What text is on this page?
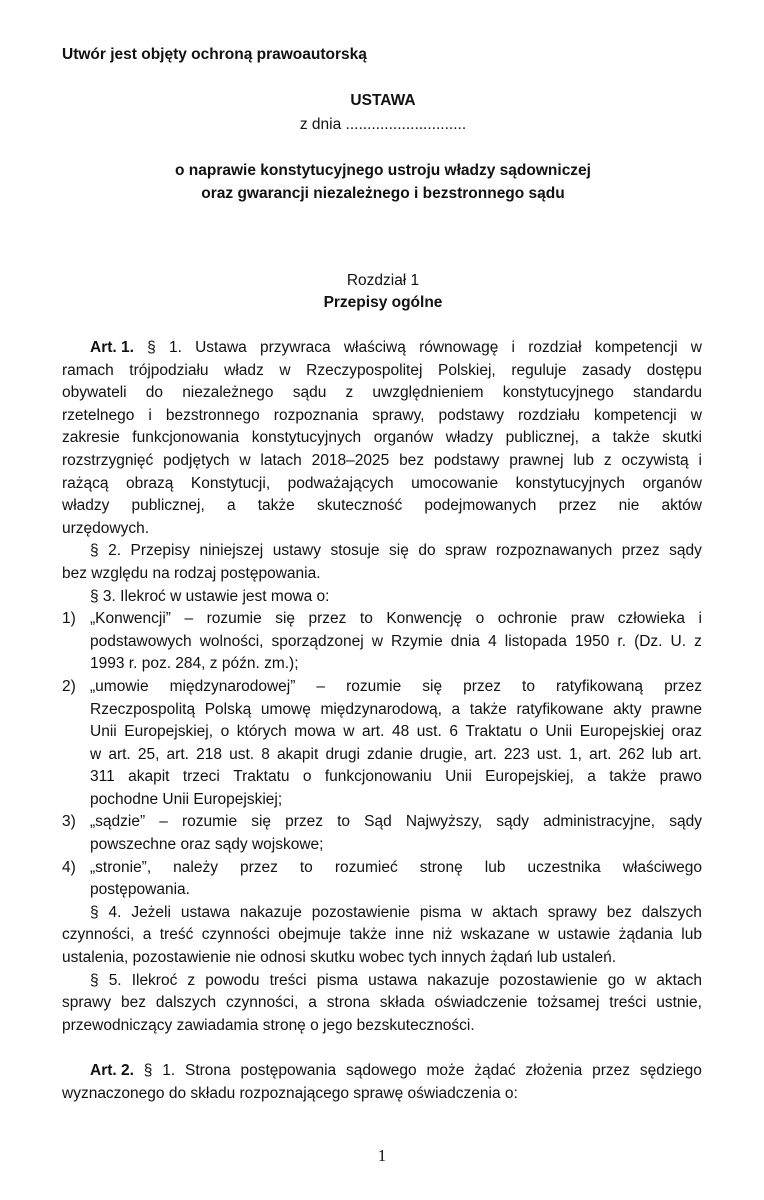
Utwór jest objęty ochroną prawoautorską
USTAWA
z dnia ............................
o naprawie konstytucyjnego ustroju władzy sądowniczej
oraz gwarancji niezależnego i bezstronnego sądu
Rozdział 1
Przepisy ogólne
Art. 1. § 1. Ustawa przywraca właściwą równowagę i rozdział kompetencji w
ramach trójpodziału władz w Rzeczypospolitej Polskiej, reguluje zasady dostępu
obywateli do niezależnego sądu z uwzględnieniem konstytucyjnego standardu
rzetelnego i bezstronnego rozpoznania sprawy, podstawy rozdziału kompetencji w
zakresie funkcjonowania konstytucyjnych organów władzy publicznej, a także skutki
rozstrzygnięć podjętych w latach 2018–2025 bez podstawy prawnej lub z oczywistą i
rażącą obrazą Konstytucji, podważających umocowanie konstytucyjnych organów
władzy publicznej, a także skuteczność podejmowanych przez nie aktów
urzędowych.
§ 2. Przepisy niniejszej ustawy stosuje się do spraw rozpoznawanych przez sądy
bez względu na rodzaj postępowania.
§ 3. Ilekroć w ustawie jest mowa o:
1) „Konwencji” – rozumie się przez to Konwencję o ochronie praw człowieka i
podstawowych wolności, sporządzonej w Rzymie dnia 4 listopada 1950 r. (Dz. U. z
1993 r. poz. 284, z późn. zm.);
2) „umowie międzynarodowej” – rozumie się przez to ratyfikowaną przez
Rzeczpospolitą Polską umowę międzynarodową, a także ratyfikowane akty prawne
Unii Europejskiej, o których mowa w art. 48 ust. 6 Traktatu o Unii Europejskiej oraz
w art. 25, art. 218 ust. 8 akapit drugi zdanie drugie, art. 223 ust. 1, art. 262 lub art.
311 akapit trzeci Traktatu o funkcjonowaniu Unii Europejskiej, a także prawo
pochodne Unii Europejskiej;
3) „sądzie” – rozumie się przez to Sąd Najwyższy, sądy administracyjne, sądy
powszechne oraz sądy wojskowe;
4) „stronie”, należy przez to rozumieć stronę lub uczestnika właściwego
postępowania.
§ 4. Jeżeli ustawa nakazuje pozostawienie pisma w aktach sprawy bez dalszych
czynności, a treść czynności obejmuje także inne niż wskazane w ustawie żądania lub
ustalenia, pozostawienie nie odnosi skutku wobec tych innych żądań lub ustaleń.
§ 5. Ilekroć z powodu treści pisma ustawa nakazuje pozostawienie go w aktach
sprawy bez dalszych czynności, a strona składa oświadczenie tożsamej treści ustnie,
przewodniczący zawiadamia stronę o jego bezskuteczności.
Art. 2. § 1. Strona postępowania sądowego może żądać złożenia przez sędziego
wyznaczonego do składu rozpoznającego sprawę oświadczenia o:
1
